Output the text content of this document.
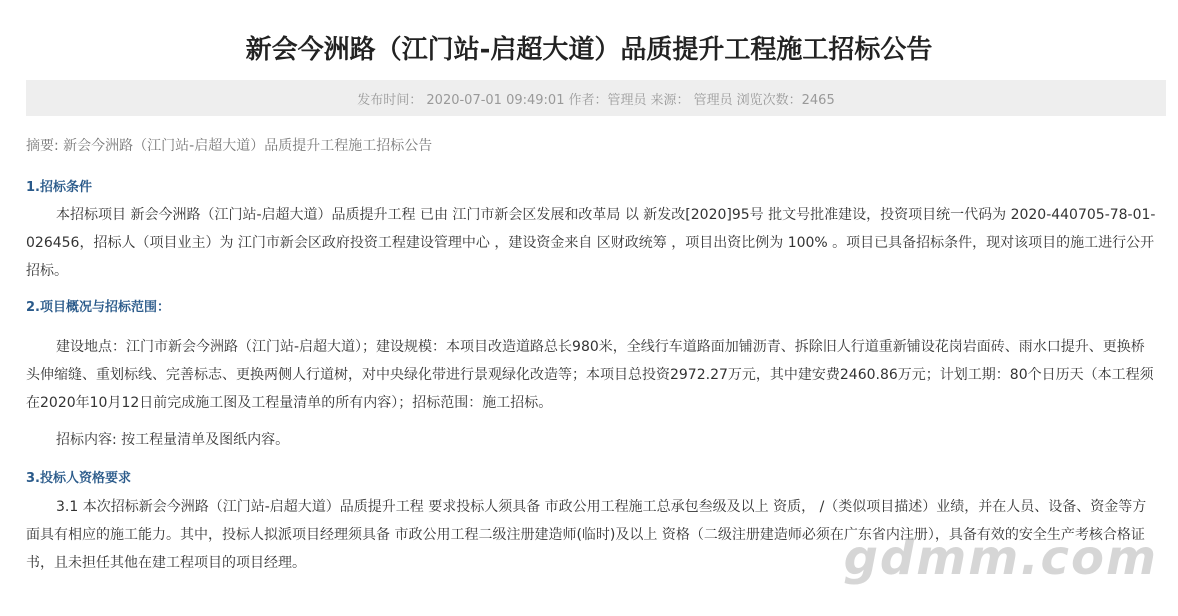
新会今洲路（江门站-启超大道）品质提升工程施工招标公告
发布时间： 2020-07-01 09:49:01 作者：管理员 来源： 管理员 浏览次数：2465
摘要: 新会今洲路（江门站-启超大道）品质提升工程施工招标公告
1.招标条件
本招标项目 新会今洲路（江门站-启超大道）品质提升工程 已由 江门市新会区发展和改革局 以 新发改[2020]95号 批文号批准建设，投资项目统一代码为 2020-440705-78-01-026456，招标人（项目业主）为 江门市新会区政府投资工程建设管理中心 ，建设资金来自 区财政统筹 ，项目出资比例为 100% 。项目已具备招标条件，现对该项目的施工进行公开招标。
2.项目概况与招标范围：
建设地点：江门市新会今洲路（江门站-启超大道）；建设规模：本项目改造道路总长980米，全线行车道路面加铺沥青、拆除旧人行道重新铺设花岗岩面砖、雨水口提升、更换桥头伸缩缝、重划标线、完善标志、更换两侧人行道树，对中央绿化带进行景观绿化改造等；本项目总投资2972.27万元，其中建安费2460.86万元；计划工期：80个日历天（本工程须在2020年10月12日前完成施工图及工程量清单的所有内容）；招标范围：施工招标。
招标内容: 按工程量清单及图纸内容。
3.投标人资格要求
3.1 本次招标新会今洲路（江门站-启超大道）品质提升工程 要求投标人须具备 市政公用工程施工总承包叁级及以上 资质， /（类似项目描述）业绩，并在人员、设备、资金等方面具有相应的施工能力。其中，投标人拟派项目经理须具备 市政公用工程二级注册建造师(临时)及以上 资格（二级注册建造师必须在广东省内注册），具备有效的安全生产考核合格证书，且未担任其他在建工程项目的项目经理。	gdmm.com
